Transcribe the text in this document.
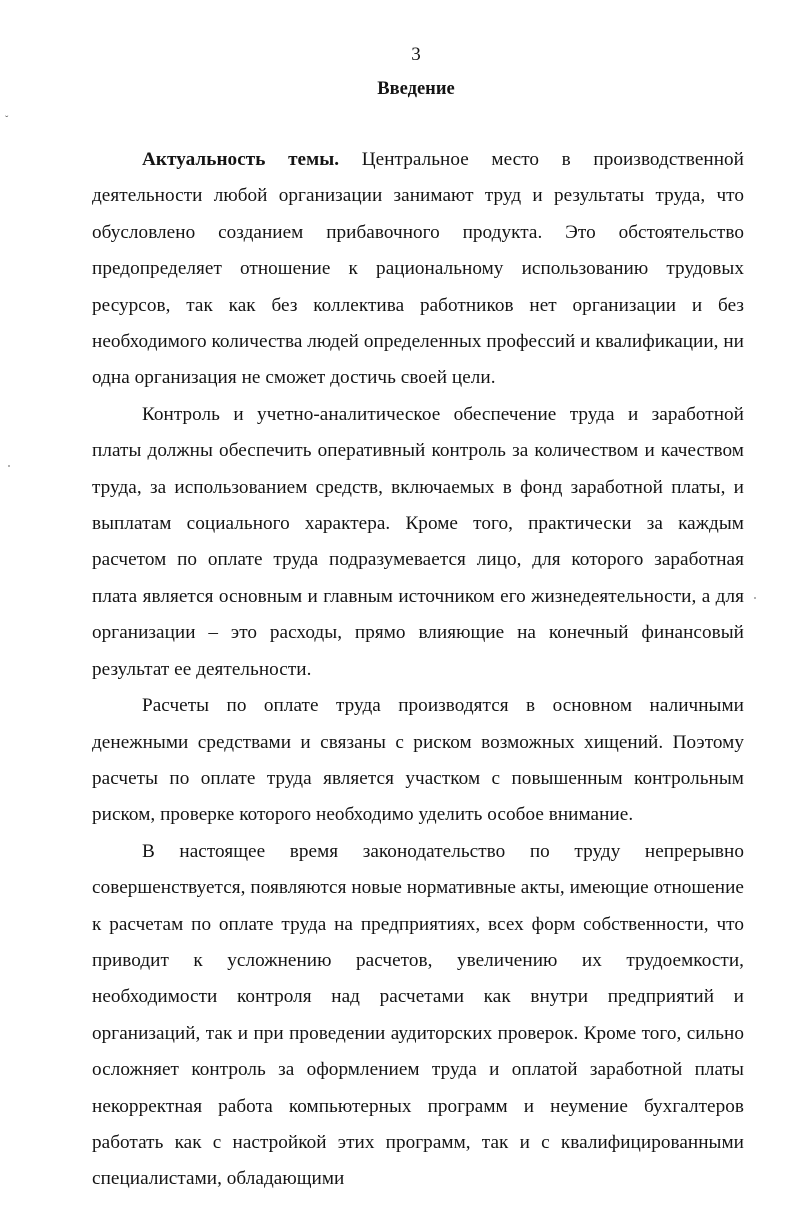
ˇ
3
Введение

Актуальность темы. Центральное место в производственной деятельности любой организации занимают труд и результаты труда, что обусловлено созданием прибавочного продукта. Это обстоятельство предопределяет отношение к рациональному использованию трудовых ресурсов, так как без коллектива работников нет организации и без необходимого количества людей определенных профессий и квалификации, ни одна организация не сможет достичь своей цели.

Контроль и учетно-аналитическое обеспечение труда и заработной платы должны обеспечить оперативный контроль за количеством и качеством труда, за использованием средств, включаемых в фонд заработной платы, и выплатам социального характера. Кроме того, практически за каждым расчетом по оплате труда подразумевается лицо, для которого заработная плата является основным и главным источником его жизнедеятельности, а для организации – это расходы, прямо влияющие на конечный финансовый результат ее деятельности.

Расчеты по оплате труда производятся в основном наличными денежными средствами и связаны с риском возможных хищений. Поэтому расчеты по оплате труда является участком с повышенным контрольным риском, проверке которого необходимо уделить особое внимание.

В настоящее время законодательство по труду непрерывно совершенствуется, появляются новые нормативные акты, имеющие отношение к расчетам по оплате труда на предприятиях, всех форм собственности, что приводит к усложнению расчетов, увеличению их трудоемкости, необходимости контроля над расчетами как внутри предприятий и организаций, так и при проведении аудиторских проверок. Кроме того, сильно осложняет контроль за оформлением труда и оплатой заработной платы некорректная работа компьютерных программ и неумение бухгалтеров работать как с настройкой этих программ, так и с квалифицированными специалистами, обладающими
